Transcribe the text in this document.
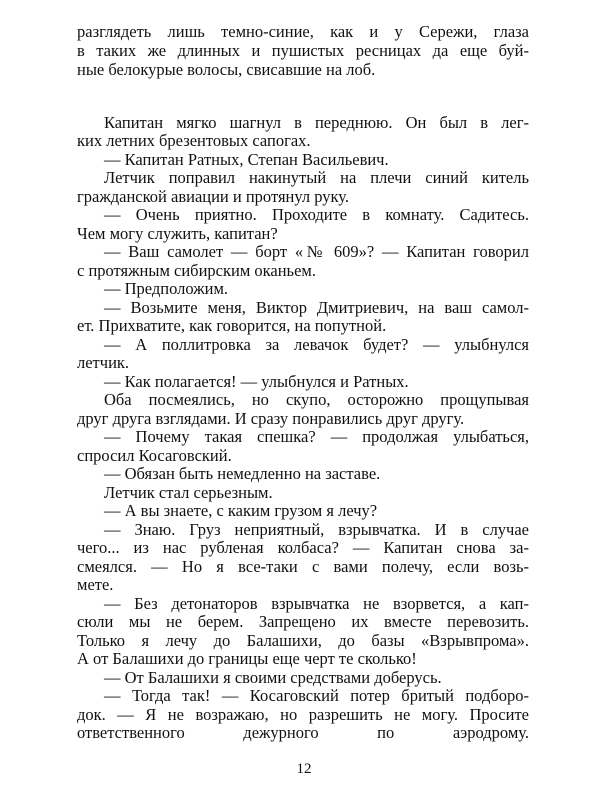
разглядеть лишь темно-синие, как и у Сережи, глаза
в таких же длинных и пушистых ресницах да еще буй-
ные белокурые волосы, свисавшие на лоб.
Капитан мягко шагнул в переднюю. Он был в лег-
ких летних брезентовых сапогах.
— Капитан Ратных, Степан Васильевич.
Летчик поправил накинутый на плечи синий китель
гражданской авиации и протянул руку.
— Очень приятно. Проходите в комнату. Садитесь.
Чем могу служить, капитан?
— Ваш самолет — борт «№ 609»? — Капитан говорил
с протяжным сибирским оканьем.
— Предположим.
— Возьмите меня, Виктор Дмитриевич, на ваш самол-
ет. Прихватите, как говорится, на попутной.
— А поллитровка за левачок будет? — улыбнулся
летчик.
— Как полагается! — улыбнулся и Ратных.
Оба посмеялись, но скупо, осторожно прощупывая
друг друга взглядами. И сразу понравились друг другу.
— Почему такая спешка? — продолжая улыбаться,
спросил Косаговский.
— Обязан быть немедленно на заставе.
Летчик стал серьезным.
— А вы знаете, с каким грузом я лечу?
— Знаю. Груз неприятный, взрывчатка. И в случае
чего... из нас рубленая колбаса? — Капитан снова за-
смеялся. — Но я все-таки с вами полечу, если возь-
мете.
— Без детонаторов взрывчатка не взорвется, а кап-
сюли мы не берем. Запрещено их вместе перевозить.
Только я лечу до Балашихи, до базы «Взрывпрома».
А от Балашихи до границы еще черт те сколько!
— От Балашихи я своими средствами доберусь.
— Тогда так! — Косаговский потер бритый подборо-
док. — Я не возражаю, но разрешить не могу. Просите
ответственного дежурного по аэродрому.
12
